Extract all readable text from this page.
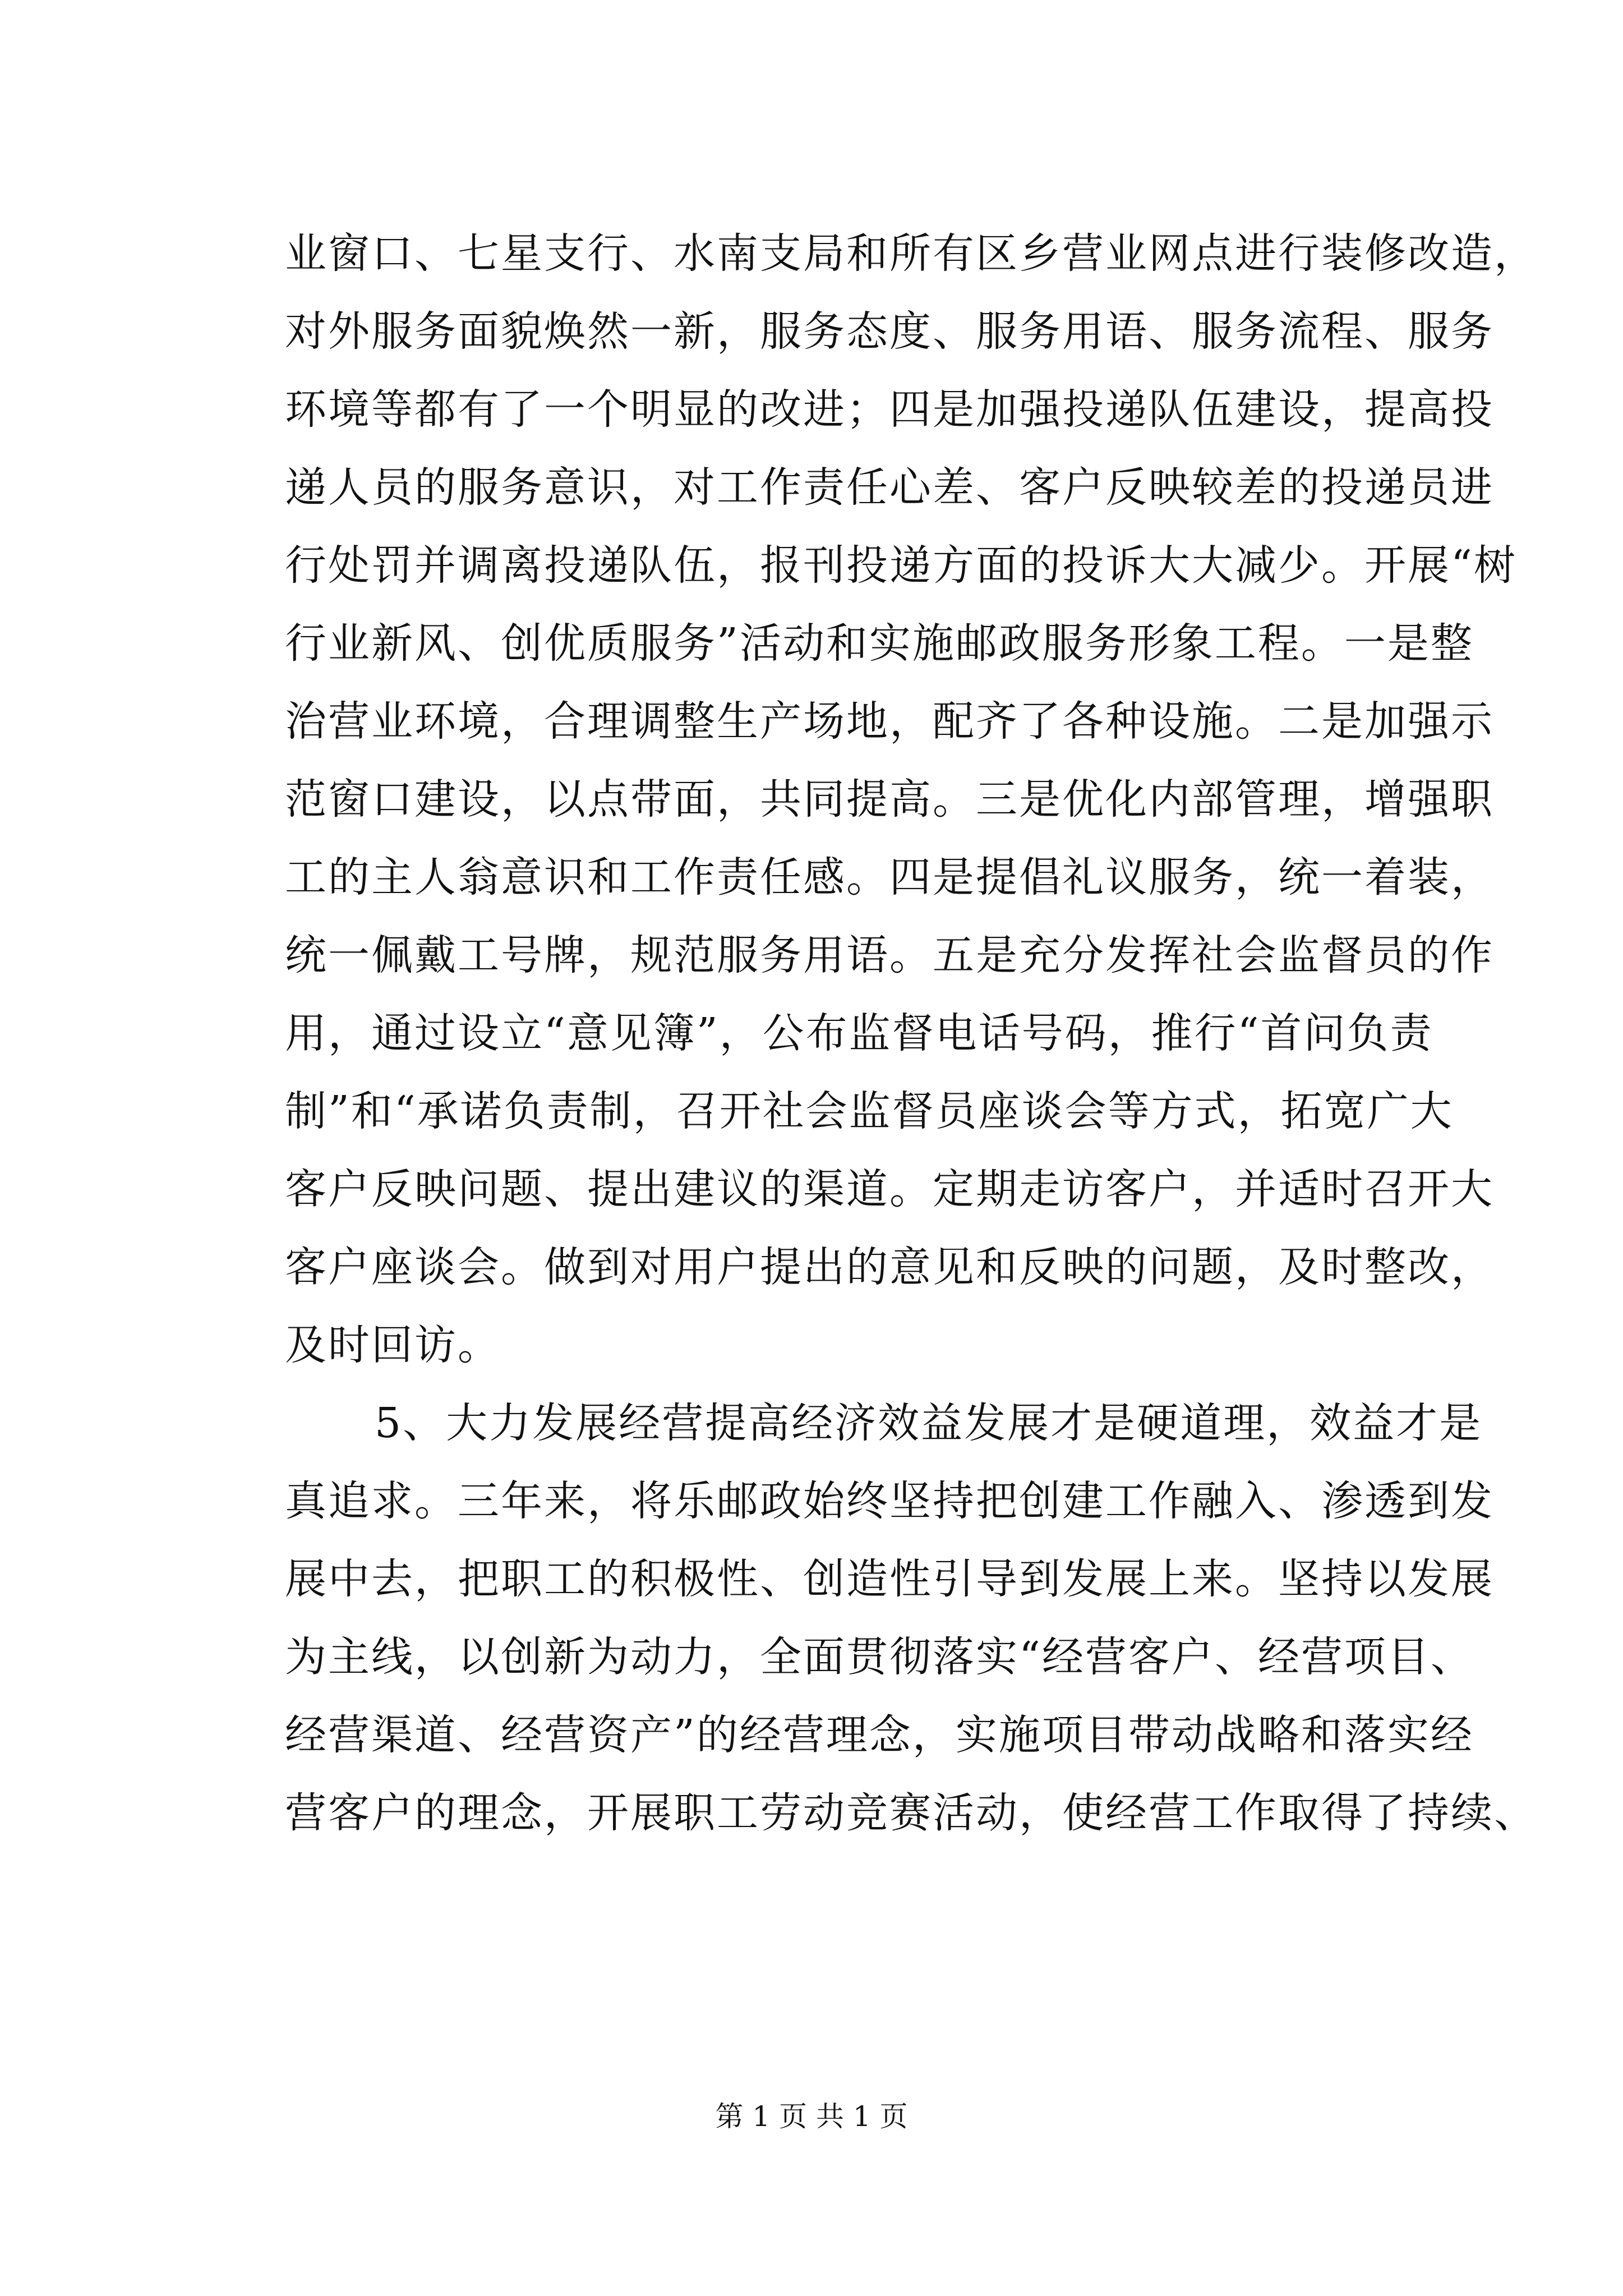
业窗口、七星支行、水南支局和所有区乡营业网点进行装修改造，
对外服务面貌焕然一新，服务态度、服务用语、服务流程、服务
环境等都有了一个明显的改进；四是加强投递队伍建设，提高投
递人员的服务意识，对工作责任心差、客户反映较差的投递员进
行处罚并调离投递队伍，报刊投递方面的投诉大大减少。开展“树
行业新风、创优质服务”活动和实施邮政服务形象工程。一是整
治营业环境，合理调整生产场地，配齐了各种设施。二是加强示
范窗口建设，以点带面，共同提高。三是优化内部管理，增强职
工的主人翁意识和工作责任感。四是提倡礼议服务，统一着装，
统一佩戴工号牌，规范服务用语。五是充分发挥社会监督员的作
用，通过设立“意见簿”，公布监督电话号码，推行“首问负责
制”和“承诺负责制，召开社会监督员座谈会等方式，拓宽广大
客户反映问题、提出建议的渠道。定期走访客户，并适时召开大
客户座谈会。做到对用户提出的意见和反映的问题，及时整改，
及时回访。
5、大力发展经营提高经济效益发展才是硬道理，效益才是
真追求。三年来，将乐邮政始终坚持把创建工作融入、渗透到发
展中去，把职工的积极性、创造性引导到发展上来。坚持以发展
为主线，以创新为动力，全面贯彻落实“经营客户、经营项目、
经营渠道、经营资产”的经营理念，实施项目带动战略和落实经
营客户的理念，开展职工劳动竞赛活动，使经营工作取得了持续、
第 1 页 共 1 页
